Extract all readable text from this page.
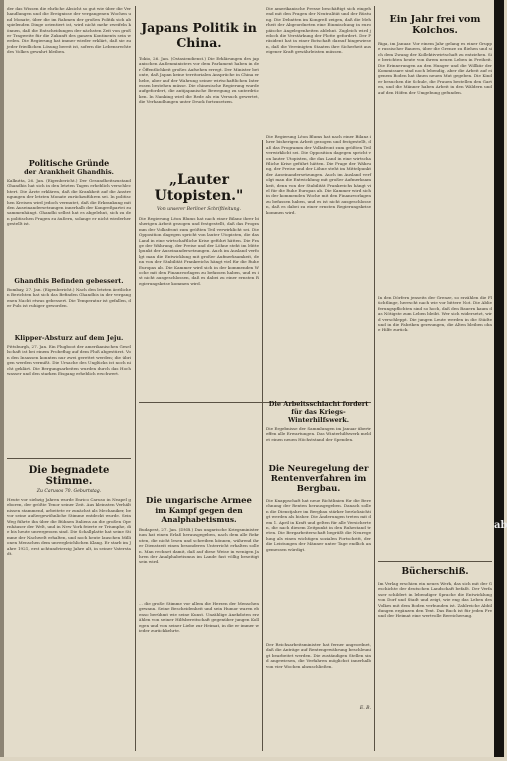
der das Wissen die ehrliche Absicht so gut wie über die Verhandlungen und die Ereignisse der vergangenen Wochen und Monate, über die im Rahmen der großen Politik sich abspielenden Dinge orientiert ist, wird nicht mehr zweifeln können, daß die Entscheidungen der nächsten Zeit von großer Tragweite für die Zukunft des ganzen Kontinents sein werden. Die Regierung hat immer wieder erklärt, daß sie zu jeder friedlichen Lösung bereit ist, sofern die Lebensrechte des Volkes gewahrt bleiben.
Politische Gründe
der Arankheit Ghandhis.
Kalkutta, 26. Jan. (Eigenbericht.) Der Gesundheitszustand Ghandhis hat sich in den letzten Tagen erheblich verschlechtert. Die Ärzte erklären, daß die Krankheit auf die Anstrengungen der letzten Monate zurückzuführen sei. In politischen Kreisen wird jedoch vermutet, daß die Erkrankung mit den Auseinandersetzungen innerhalb der Kongreßpartei zusammenhängt. Ghandhi selbst hat es abgelehnt, sich zu den politischen Fragen zu äußern, solange er nicht wiederhergestellt ist.
Ghandhis Befinden gebessert.
Bombay, 27. Jan. (Eigenbericht.) Nach den letzten ärztlichen Berichten hat sich das Befinden Ghandhis in der vergangenen Nacht etwas gebessert. Die Temperatur ist gefallen, der Puls ist ruhiger geworden.
Klipper-Absturz auf dem Jeju.
Pittsburgh, 27. Jan. Ein Flugboot der amerikanischen Gesellschaft ist bei einem Probeflug auf dem Fluß abgestürzt. Von den Insassen konnten nur zwei gerettet werden; die übrigen werden vermißt. Die Ursache des Unglücks ist noch nicht geklärt. Die Bergungsarbeiten wurden durch das Hochwasser und den starken Eisgang erheblich erschwert.
Die begnadete Stimme.
Zu Carusos 70. Geburtstag.
Heute vor siebzig Jahren wurde Enrico Caruso in Neapel geboren, der größte Tenor seiner Zeit. Aus kleinsten Verhältnissen stammend, arbeitete er zunächst als Mechaniker, bevor seine außergewöhnliche Stimme entdeckt wurde. Sein Weg führte ihn über die Bühnen Italiens an die großen Opernhäuser der Welt, und in New York feierte er Triumphe, die bis heute unvergessen sind. Die Schallplatte hat seine Stimme der Nachwelt erhalten, und noch heute lauschen Millionen Menschen dem unvergleichlichen Klang. Er starb im Jahre 1921, erst achtundvierzig Jahre alt, in seiner Vaterstadt.
Japans Politik in China.
Tokio, 26. Jan. (Ostasiendienst.) Die Erklärungen des japanischen Außenministers vor dem Parlament haben in der Öffentlichkeit großes Aufsehen erregt. Der Minister betonte, daß Japan keine territorialen Ansprüche in China erhebe, aber auf der Wahrung seiner wirtschaftlichen Interessen bestehen müsse. Die chinesische Regierung wurde aufgefordert, die antijapanische Bewegung zu unterdrücken. In Nanking wird die Rede als ein Versuch gewertet, die Verhandlungen unter Druck fortzusetzen.
„Lauter Utopisten."
Von unserer Berliner Schriftleitung.
Die Regierung Léon Blums hat nach einer Bilanz ihrer bisherigen Arbeit gezogen und festgestellt, daß das Programm der Volksfront zum größten Teil verwirklicht sei. Die Opposition dagegen spricht von lauter Utopisten, die das Land in eine wirtschaftliche Krise geführt hätten. Die Frage der Währung, der Preise und der Löhne steht im Mittelpunkt der Auseinandersetzungen. Auch im Ausland verfolgt man die Entwicklung mit großer Aufmerksamkeit, denn von der Stabilität Frankreichs hängt viel für die Ruhe Europas ab. Die Kammer wird sich in der kommenden Woche mit den Finanzvorlagen zu befassen haben, und es ist nicht ausgeschlossen, daß es dabei zu einer ernsten Regierungskrise kommen wird.
Die ungarische Armee
im Kampf gegen den Analphabetismus.
Budapest, 27. Jan. (DNB.) Das ungarische Kriegsministerium hat einen Erlaß herausgegeben, nach dem alle Rekruten, die nicht lesen und schreiben können, während ihrer Dienstzeit einen besonderen Unterricht erhalten sollen. Man rechnet damit, daß auf diese Weise in wenigen Jahren der Analphabetismus im Lande fast völlig beseitigt sein wird.
... die große Stimme vor allem die Herzen der Menschen gewann. Seine Bescheidenheit und sein Humor waren ebenso berühmt wie seine Kunst. Unzählige Anekdoten erzählen von seiner Hilfsbereitschaft gegenüber jungen Kollegen und von seiner Liebe zur Heimat, in die er immer wieder zurückkehrte.
Die amerikanische Presse beschäftigt sich eingehend mit den Fragen der Neutralität und der Rüstung. Die Debatten im Kongreß zeigen, daß die Mehrheit der Abgeordneten eine Einmischung in europäische Angelegenheiten ablehnt. Zugleich wird jedoch die Verstärkung der Flotte gefordert. Der Präsident hat in einer Botschaft darauf hingewiesen, daß die Vereinigten Staaten ihre Sicherheit aus eigener Kraft gewährleisten müssen.
Die Regierung Léon Blums hat nach einer Bilanz ihrer bisherigen Arbeit gezogen und festgestellt, daß das Programm der Volksfront zum größten Teil verwirklicht sei. Die Opposition dagegen spricht von lauter Utopisten, die das Land in eine wirtschaftliche Krise geführt hätten. Die Frage der Währung, der Preise und der Löhne steht im Mittelpunkt der Auseinandersetzungen. Auch im Ausland verfolgt man die Entwicklung mit großer Aufmerksamkeit, denn von der Stabilität Frankreichs hängt viel für die Ruhe Europas ab. Die Kammer wird sich in der kommenden Woche mit den Finanzvorlagen zu befassen haben, und es ist nicht ausgeschlossen, daß es dabei zu einer ernsten Regierungskrise kommen wird.
Die Arbeitsschlacht fordert für das Kriegs-Winterhilfswerk.
Die Ergebnisse der Sammlungen im Januar übertreffen alle Erwartungen. Das Winterhilfswerk meldet einen neuen Höchststand der Spenden.
Die Neuregelung der Rentenverfahren im Bergbau.
Die Knappschaft hat neue Richtlinien für die Berechnung der Renten herausgegeben. Danach sollen die Dienstjahre im Bergbau stärker berücksichtigt werden als bisher. Die Änderungen treten mit dem 1. April in Kraft und gelten für alle Versicherten, die nach diesem Zeitpunkt in den Ruhestand treten. Die Bergarbeiterschaft begrüßt die Neuregelung als einen wichtigen sozialen Fortschritt, der die Leistungen der Männer unter Tage endlich angemessen würdigt.
Der Reichsarbeitsminister hat ferner angeordnet, daß die Anträge auf Rentengewährung beschleunigt bearbeitet werden. Die zuständigen Stellen sind angewiesen, die Verfahren möglichst innerhalb von vier Wochen abzuschließen.
E. B.
Ein Jahr frei vom Kolchos.
Riga, im Januar. Vor einem Jahr gelang es einer Gruppe russischer Bauern, über die Grenze zu fliehen und sich dem Zwang der Kollektivwirtschaft zu entziehen. Sie berichten heute von ihrem neuen Leben in Freiheit. Die Erinnerungen an den Hunger und die Willkür der Kommissare sind noch lebendig, aber die Arbeit auf eigenem Boden hat ihnen neuen Mut gegeben. Die Kinder besuchen die Schule, die Frauen bestellen den Garten, und die Männer haben Arbeit in den Wäldern und auf den Höfen der Umgebung gefunden.
In den Dörfern jenseits der Grenze, so erzählen die Flüchtlinge, herrscht nach wie vor bittere Not. Die Ablieferungspflichten sind so hoch, daß den Bauern kaum das Nötigste zum Leben bleibt. Wer sich widersetzt, wird verschleppt. Die jungen Leute werden in die Städte und in die Fabriken gezwungen, die Alten bleiben ohne Hilfe zurück.
Bücherschiß.
Im Verlag erschien ein neues Werk, das sich mit der Geschichte der deutschen Landschaft befaßt. Der Verfasser schildert in lebendiger Sprache die Entwicklung von Dorf und Stadt und zeigt, wie eng das Leben des Volkes mit dem Boden verbunden ist. Zahlreiche Abbildungen ergänzen den Text. Das Buch ist für jeden Freund der Heimat eine wertvolle Bereicherung.
ab
